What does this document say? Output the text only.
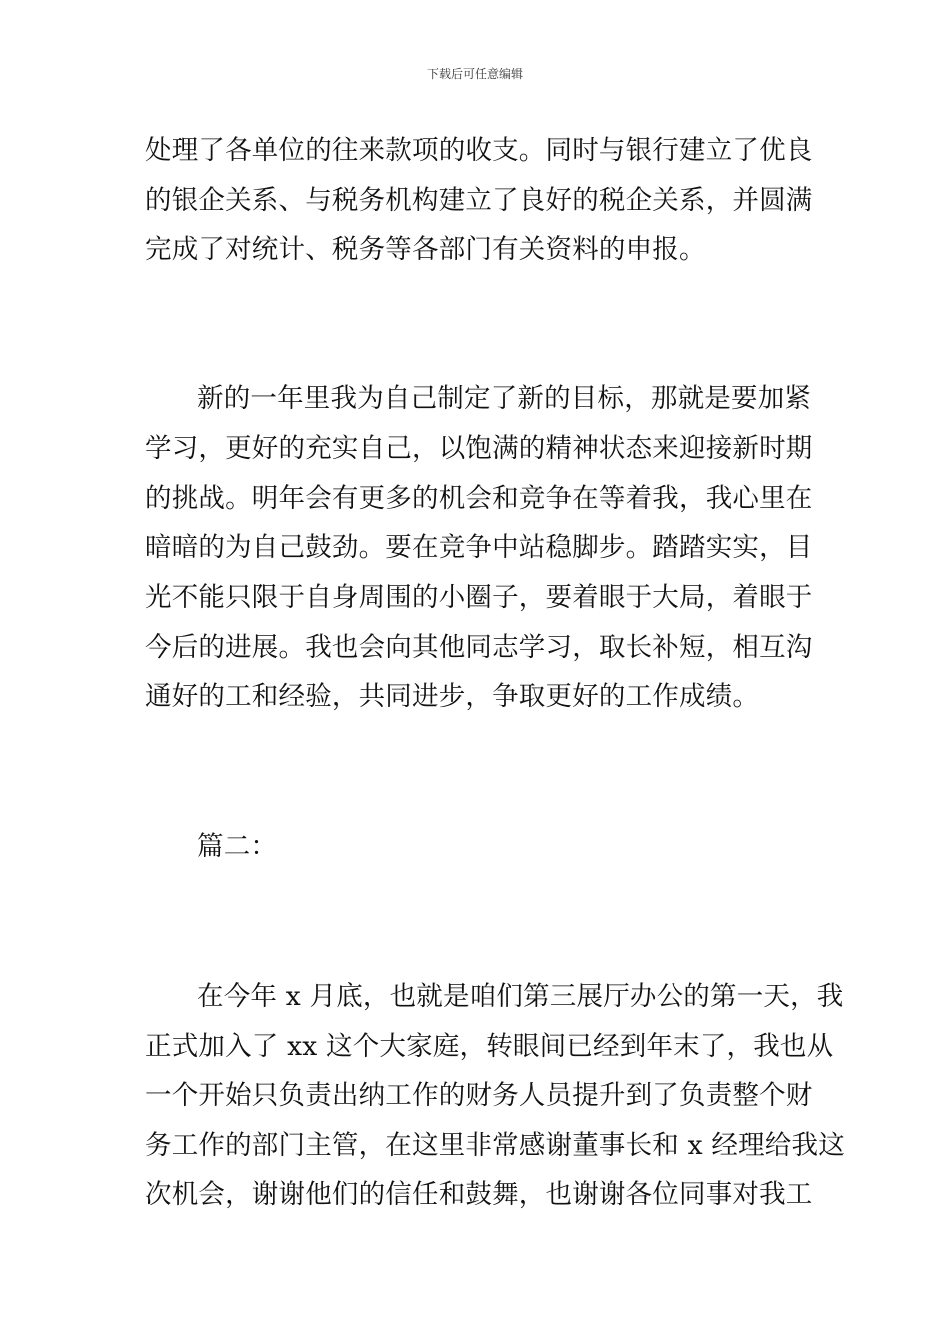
下载后可任意编辑
处理了各单位的往来款项的收支。同时与银行建立了优良
的银企关系、与税务机构建立了良好的税企关系，并圆满
完成了对统计、税务等各部门有关资料的申报。
新的一年里我为自己制定了新的目标，那就是要加紧
学习，更好的充实自己，以饱满的精神状态来迎接新时期
的挑战。明年会有更多的机会和竞争在等着我，我心里在
暗暗的为自己鼓劲。要在竞争中站稳脚步。踏踏实实，目
光不能只限于自身周围的小圈子，要着眼于大局，着眼于
今后的进展。我也会向其他同志学习，取长补短，相互沟
通好的工和经验，共同进步，争取更好的工作成绩。
篇二：
在今年 x 月底，也就是咱们第三展厅办公的第一天，我
正式加入了 xx 这个大家庭，转眼间已经到年末了，我也从
一个开始只负责出纳工作的财务人员提升到了负责整个财
务工作的部门主管，在这里非常感谢董事长和 x 经理给我这
次机会，谢谢他们的信任和鼓舞，也谢谢各位同事对我工
